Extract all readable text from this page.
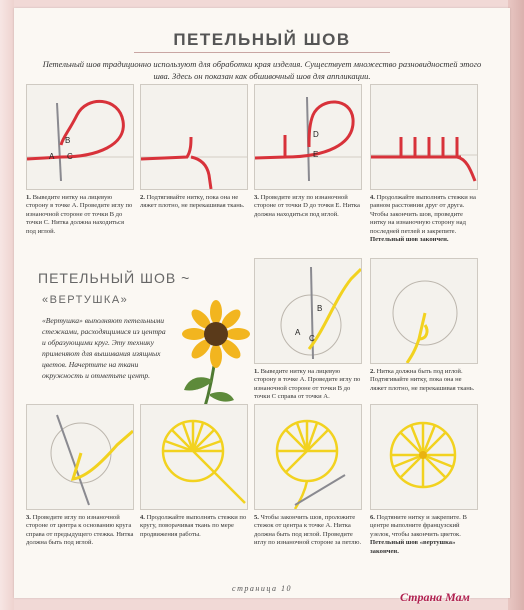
ПЕТЕЛЬНЫЙ ШОВ
Петельный шов традиционно используют для обработки края изделия. Существует множество разновидностей этого шва. Здесь он показан как обшивочный шов для аппликации.
B
A C
D
E
1. Выведите нитку на лицевую сторону в точке А. Проведите иглу по изнаночной стороне от точки В до точки С. Нитка должна находиться под иглой.
2. Подтягивайте нитку, пока она не ляжет плотно, не перекашивая ткань.
3. Проведите иглу по изнаночной стороне от точки D до точки Е. Нитка должна находиться под иглой.
4. Продолжайте выполнять стежки на равном расстоянии друг от друга. Чтобы закончить шов, проведите нитку на изнаночную сторону над последней петлей и закрепите. Петельный шов закончен.
ПЕТЕЛЬНЫЙ ШОВ ~
«ВЕРТУШКА»
«Вертушка» выполняют петельными стежками, расходящимися из центра и образующими круг. Эту технику применяют для вышивания изящных цветов. Начертите на ткани окружность и отметьте центр.
B
A
C
1. Выведите нитку на лицевую сторону в точке А. Проведите иглу по изнаночной стороне от точки В до точки С справа от точки А.
2. Нитка должна быть под иглой. Подтягивайте нитку, пока она не ляжет плотно, не перекашивая ткань.
3. Проведите иглу по изнаночной стороне от центра к основанию круга справа от предыдущего стежка. Нитка должна быть под иглой.
4. Продолжайте выполнять стежки по кругу, поворачивая ткань по мере продвижения работы.
5. Чтобы закончить шов, проложите стежок от центра к точке А. Нитка должна быть под иглой. Проведите иглу по изнаночной стороне за петлю.
6. Подтяните нитку и закрепите. В центре выполните французский узелок, чтобы закончить цветок. Петельный шов «вертушка» закончен.
страница 10
Страна Мам
